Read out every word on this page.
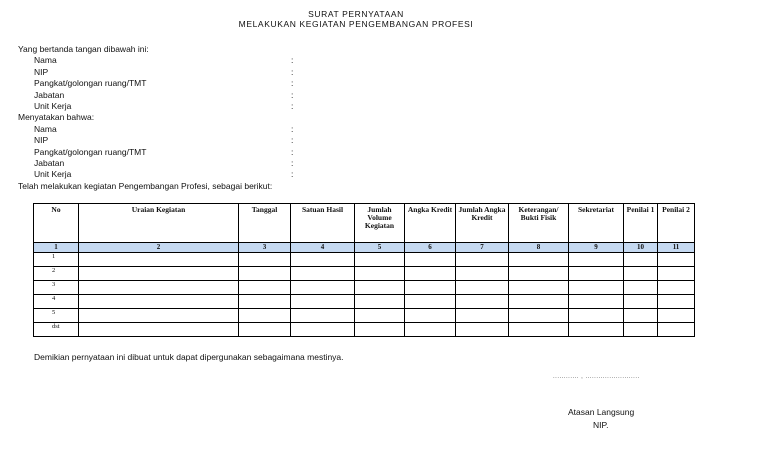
SURAT PERNYATAAN
MELAKUKAN KEGIATAN PENGEMBANGAN PROFESI
Yang bertanda tangan dibawah ini:
Nama	:
NIP	:
Pangkat/golongan ruang/TMT	:
Jabatan	:
Unit Kerja	:
Menyatakan bahwa:
Nama	:
NIP	:
Pangkat/golongan ruang/TMT	:
Jabatan	:
Unit Kerja	:
Telah melakukan kegiatan Pengembangan Profesi, sebagai berikut:
No	Uraian Kegiatan	Tanggal	Satuan Hasil	Jumlah Volume Kegiatan	Angka Kredit	Jumlah Angka Kredit	Keterangan/ Bukti Fisik	Sekretariat	Penilai 1	Penilai 2
1	2	3	4	5	6	7	8	9	10	11
1										
2										
3										
4										
5										
dst										
Demikian pernyataan ini dibuat untuk dapat dipergunakan sebagaimana mestinya.
............ , .........................
Atasan Langsung
NIP.
